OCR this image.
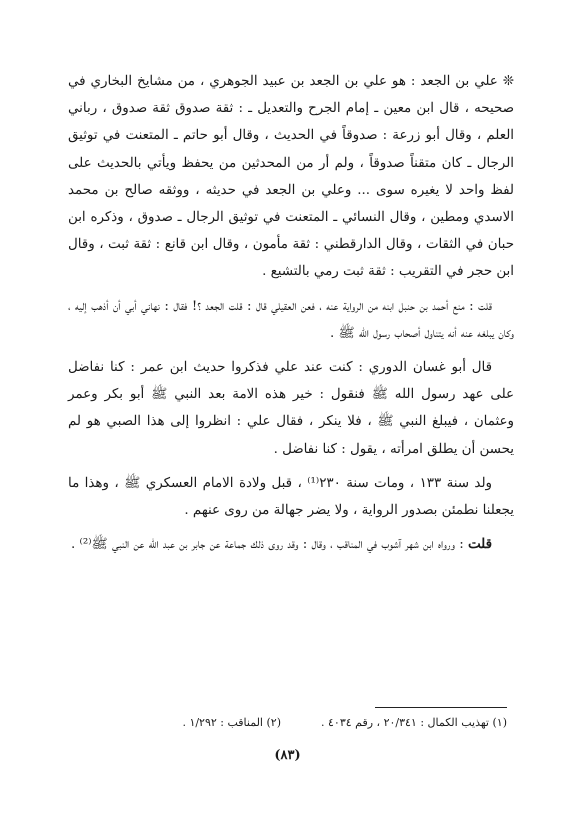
❊ علي بن الجعد : هو علي بن الجعد بن عبيد الجوهري ، من مشايخ البخاري في صحيحه ، قال ابن معين ـ إمام الجرح والتعديل ـ : ثقة صدوق ثقة صدوق ، رباني العلم ، وقال أبو زرعة : صدوقاً في الحديث ، وقال أبو حاتم ـ المتعنت في توثيق الرجال ـ كان متقناً صدوقاً ، ولم أر من المحدثين من يحفظ ويأتي بالحديث على لفظ واحد لا يغيره سوى ... وعلي بن الجعد في حديثه ، ووثقه صالح بن محمد الاسدي ومطين ، وقال النسائي ـ المتعنت في توثيق الرجال ـ صدوق ، وذكره ابن حبان في الثقات ، وقال الدارقطني : ثقة مأمون ، وقال ابن قانع : ثقة ثبت ، وقال ابن حجر في التقريب : ثقة ثبت رمي بالتشيع .

قلت : منع أحمد بن حنبل ابنه من الرواية عنه ، فعن العقيلي قال : قلت الجعد ؟! فقال : نهاني أبي أن أذهب إليه ، وكان يبلغه عنه أنه يتناول أصحاب رسول الله ﷺ .

قال أبو غسان الدوري : كنت عند علي فذكروا حديث ابن عمر : كنا نفاضل على عهد رسول الله ﷺ فنقول : خير هذه الامة بعد النبي ﷺ أبو بكر وعمر وعثمان ، فيبلغ النبي ﷺ ، فلا ينكر ، فقال علي : انظروا إلى هذا الصبي هو لم يحسن أن يطلق امرأته ، يقول : كنا نفاضل .

ولد سنة ١٣٣ ، ومات سنة ٢٣٠⁽¹⁾ ، قبل ولادة الامام العسكري ﷺ ، وهذا ما يجعلنا نطمئن بصدور الرواية ، ولا يضر جهالة من روى عنهم .

قلت : ورواه ابن شهر آشوب في المناقب ، وقال : وقد روى ذلك جماعة عن جابر بن عبد الله عن النبي ﷺ⁽²⁾ .

(١) تهذيب الكمال : ٢٠/٣٤١ ، رقم ٤٠٣٤ .(٢) المناقب : ١/٢٩٢ .
(٨٣)
